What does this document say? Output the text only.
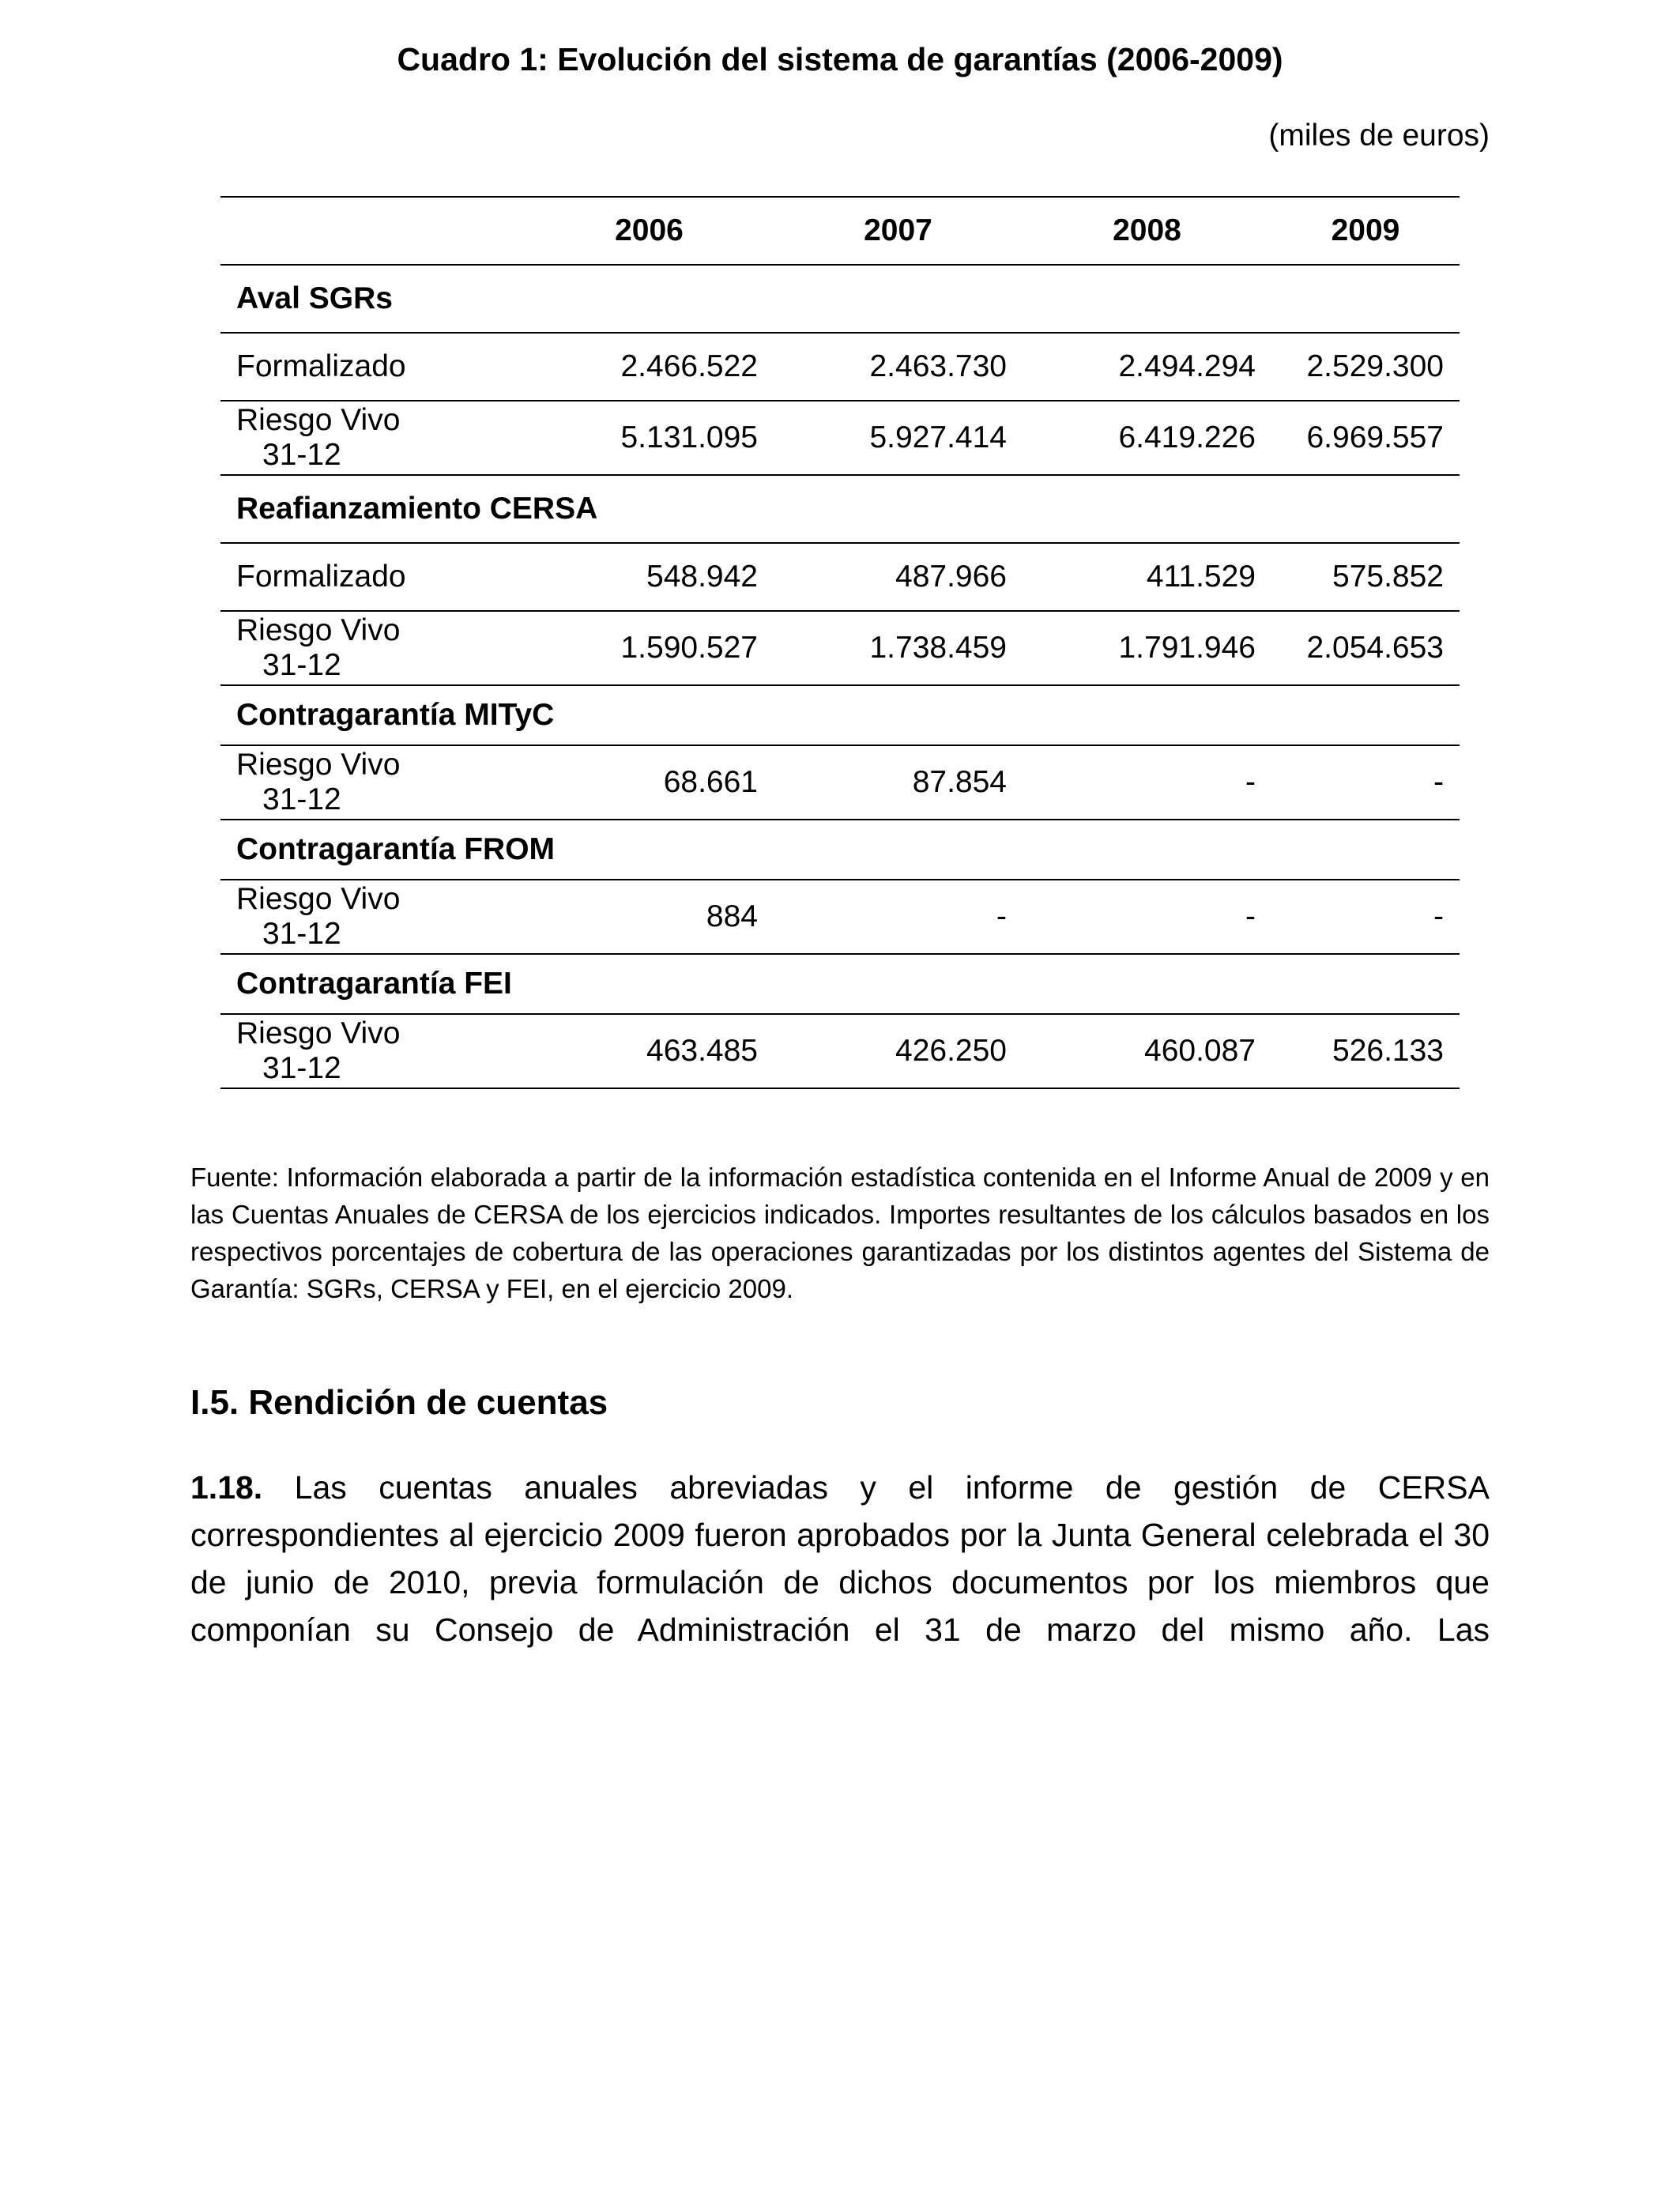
Cuadro 1: Evolución del sistema de garantías (2006-2009)
(miles de euros)
	2006	2007	2008	2009
Aval SGRs				
Formalizado	2.466.522	2.463.730	2.494.294	2.529.300
Riesgo Vivo
31-12	5.131.095	5.927.414	6.419.226	6.969.557
Reafianzamiento CERSA				
Formalizado	548.942	487.966	411.529	575.852
Riesgo Vivo
31-12	1.590.527	1.738.459	1.791.946	2.054.653
Contragarantía MITyC				
Riesgo Vivo
31-12	68.661	87.854	-	-
Contragarantía FROM				
Riesgo Vivo
31-12	884	-	-	-
Contragarantía FEI				
Riesgo Vivo
31-12	463.485	426.250	460.087	526.133
Fuente: Información elaborada a partir de la información estadística contenida en el Informe Anual de 2009 y en las Cuentas Anuales de CERSA de los ejercicios indicados. Importes resultantes de los cálculos basados en los respectivos porcentajes de cobertura de las operaciones garantizadas por los distintos agentes del Sistema de Garantía: SGRs, CERSA y FEI, en el ejercicio 2009.
I.5. Rendición de cuentas
1.18. Las cuentas anuales abreviadas y el informe de gestión de CERSA correspondientes al ejercicio 2009 fueron aprobados por la Junta General celebrada el 30 de junio de 2010, previa formulación de dichos documentos por los miembros que componían su Consejo de Administración el 31 de marzo del mismo año. Las
